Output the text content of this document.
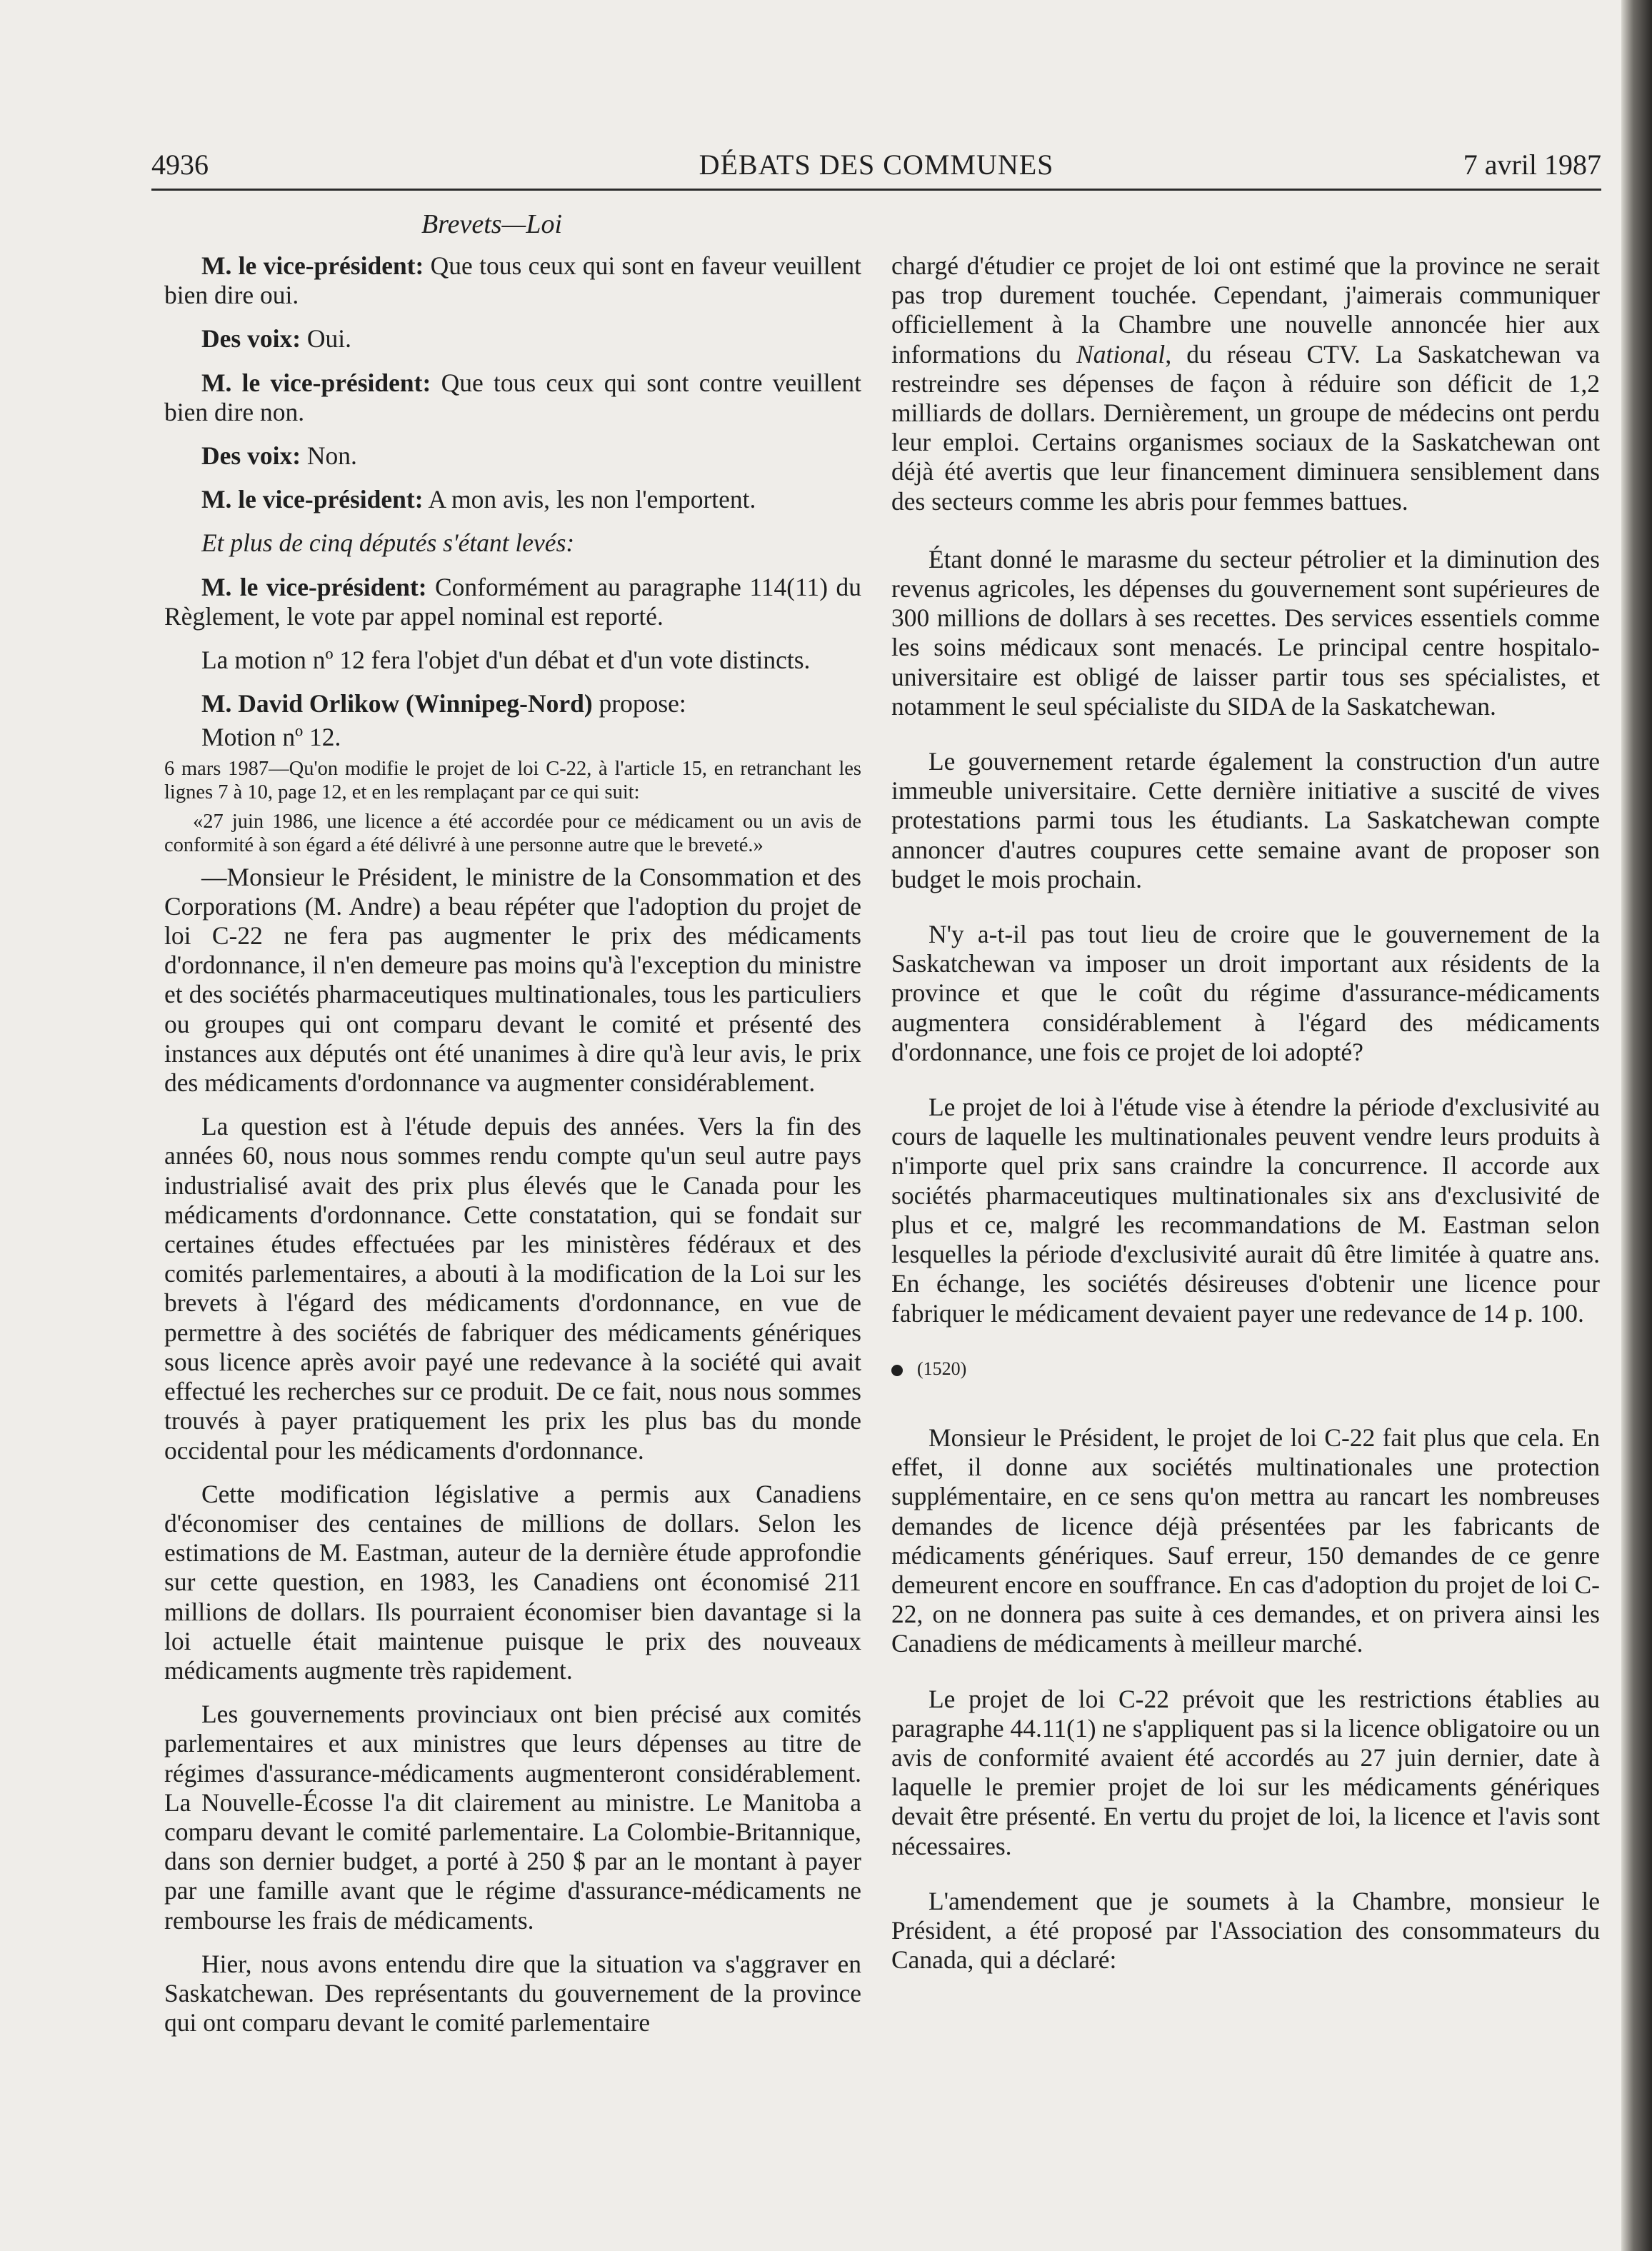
4936	DÉBATS DES COMMUNES	7 avril 1987
Brevets—Loi

M. le vice-président: Que tous ceux qui sont en faveur veuillent bien dire oui.

Des voix: Oui.

M. le vice-président: Que tous ceux qui sont contre veuillent bien dire non.

Des voix: Non.

M. le vice-président: A mon avis, les non l'emportent.

Et plus de cinq députés s'étant levés:

M. le vice-président: Conformément au paragraphe 114(11) du Règlement, le vote par appel nominal est reporté.

La motion nº 12 fera l'objet d'un débat et d'un vote distincts.

M. David Orlikow (Winnipeg-Nord) propose:

Motion nº 12.

6 mars 1987—Qu'on modifie le projet de loi C-22, à l'article 15, en retranchant les lignes 7 à 10, page 12, et en les remplaçant par ce qui suit:

«27 juin 1986, une licence a été accordée pour ce médicament ou un avis de conformité à son égard a été délivré à une personne autre que le breveté.»

—Monsieur le Président, le ministre de la Consommation et des Corporations (M. Andre) a beau répéter que l'adoption du projet de loi C-22 ne fera pas augmenter le prix des médicaments d'ordonnance, il n'en demeure pas moins qu'à l'exception du ministre et des sociétés pharmaceutiques multinationales, tous les particuliers ou groupes qui ont comparu devant le comité et présenté des instances aux députés ont été unanimes à dire qu'à leur avis, le prix des médicaments d'ordonnance va augmenter considérablement.

La question est à l'étude depuis des années. Vers la fin des années 60, nous nous sommes rendu compte qu'un seul autre pays industrialisé avait des prix plus élevés que le Canada pour les médicaments d'ordonnance. Cette constatation, qui se fondait sur certaines études effectuées par les ministères fédéraux et des comités parlementaires, a abouti à la modification de la Loi sur les brevets à l'égard des médicaments d'ordonnance, en vue de permettre à des sociétés de fabriquer des médicaments génériques sous licence après avoir payé une redevance à la société qui avait effectué les recherches sur ce produit. De ce fait, nous nous sommes trouvés à payer pratiquement les prix les plus bas du monde occidental pour les médicaments d'ordonnance.

Cette modification législative a permis aux Canadiens d'économiser des centaines de millions de dollars. Selon les estimations de M. Eastman, auteur de la dernière étude approfondie sur cette question, en 1983, les Canadiens ont économisé 211 millions de dollars. Ils pourraient économiser bien davantage si la loi actuelle était maintenue puisque le prix des nouveaux médicaments augmente très rapidement.

Les gouvernements provinciaux ont bien précisé aux comités parlementaires et aux ministres que leurs dépenses au titre de régimes d'assurance-médicaments augmenteront considérablement. La Nouvelle-Écosse l'a dit clairement au ministre. Le Manitoba a comparu devant le comité parlementaire. La Colombie-Britannique, dans son dernier budget, a porté à 250 $ par an le montant à payer par une famille avant que le régime d'assurance-médicaments ne rembourse les frais de médicaments.

Hier, nous avons entendu dire que la situation va s'aggraver en Saskatchewan. Des représentants du gouvernement de la province qui ont comparu devant le comité parlementaire

chargé d'étudier ce projet de loi ont estimé que la province ne serait pas trop durement touchée. Cependant, j'aimerais communiquer officiellement à la Chambre une nouvelle annoncée hier aux informations du National, du réseau CTV. La Saskatchewan va restreindre ses dépenses de façon à réduire son déficit de 1,2 milliards de dollars. Dernièrement, un groupe de médecins ont perdu leur emploi. Certains organismes sociaux de la Saskatchewan ont déjà été avertis que leur financement diminuera sensiblement dans des secteurs comme les abris pour femmes battues.

Étant donné le marasme du secteur pétrolier et la diminution des revenus agricoles, les dépenses du gouvernement sont supérieures de 300 millions de dollars à ses recettes. Des services essentiels comme les soins médicaux sont menacés. Le principal centre hospitalo-universitaire est obligé de laisser partir tous ses spécialistes, et notamment le seul spécialiste du SIDA de la Saskatchewan.

Le gouvernement retarde également la construction d'un autre immeuble universitaire. Cette dernière initiative a suscité de vives protestations parmi tous les étudiants. La Saskatchewan compte annoncer d'autres coupures cette semaine avant de proposer son budget le mois prochain.

N'y a-t-il pas tout lieu de croire que le gouvernement de la Saskatchewan va imposer un droit important aux résidents de la province et que le coût du régime d'assurance-médicaments augmentera considérablement à l'égard des médicaments d'ordonnance, une fois ce projet de loi adopté?

Le projet de loi à l'étude vise à étendre la période d'exclusivité au cours de laquelle les multinationales peuvent vendre leurs produits à n'importe quel prix sans craindre la concurrence. Il accorde aux sociétés pharmaceutiques multinationales six ans d'exclusivité de plus et ce, malgré les recommandations de M. Eastman selon lesquelles la période d'exclusivité aurait dû être limitée à quatre ans. En échange, les sociétés désireuses d'obtenir une licence pour fabriquer le médicament devaient payer une redevance de 14 p. 100.

(1520)

Monsieur le Président, le projet de loi C-22 fait plus que cela. En effet, il donne aux sociétés multinationales une protection supplémentaire, en ce sens qu'on mettra au rancart les nombreuses demandes de licence déjà présentées par les fabricants de médicaments génériques. Sauf erreur, 150 demandes de ce genre demeurent encore en souffrance. En cas d'adoption du projet de loi C-22, on ne donnera pas suite à ces demandes, et on privera ainsi les Canadiens de médicaments à meilleur marché.

Le projet de loi C-22 prévoit que les restrictions établies au paragraphe 44.11(1) ne s'appliquent pas si la licence obligatoire ou un avis de conformité avaient été accordés au 27 juin dernier, date à laquelle le premier projet de loi sur les médicaments génériques devait être présenté. En vertu du projet de loi, la licence et l'avis sont nécessaires.

L'amendement que je soumets à la Chambre, monsieur le Président, a été proposé par l'Association des consommateurs du Canada, qui a déclaré:
